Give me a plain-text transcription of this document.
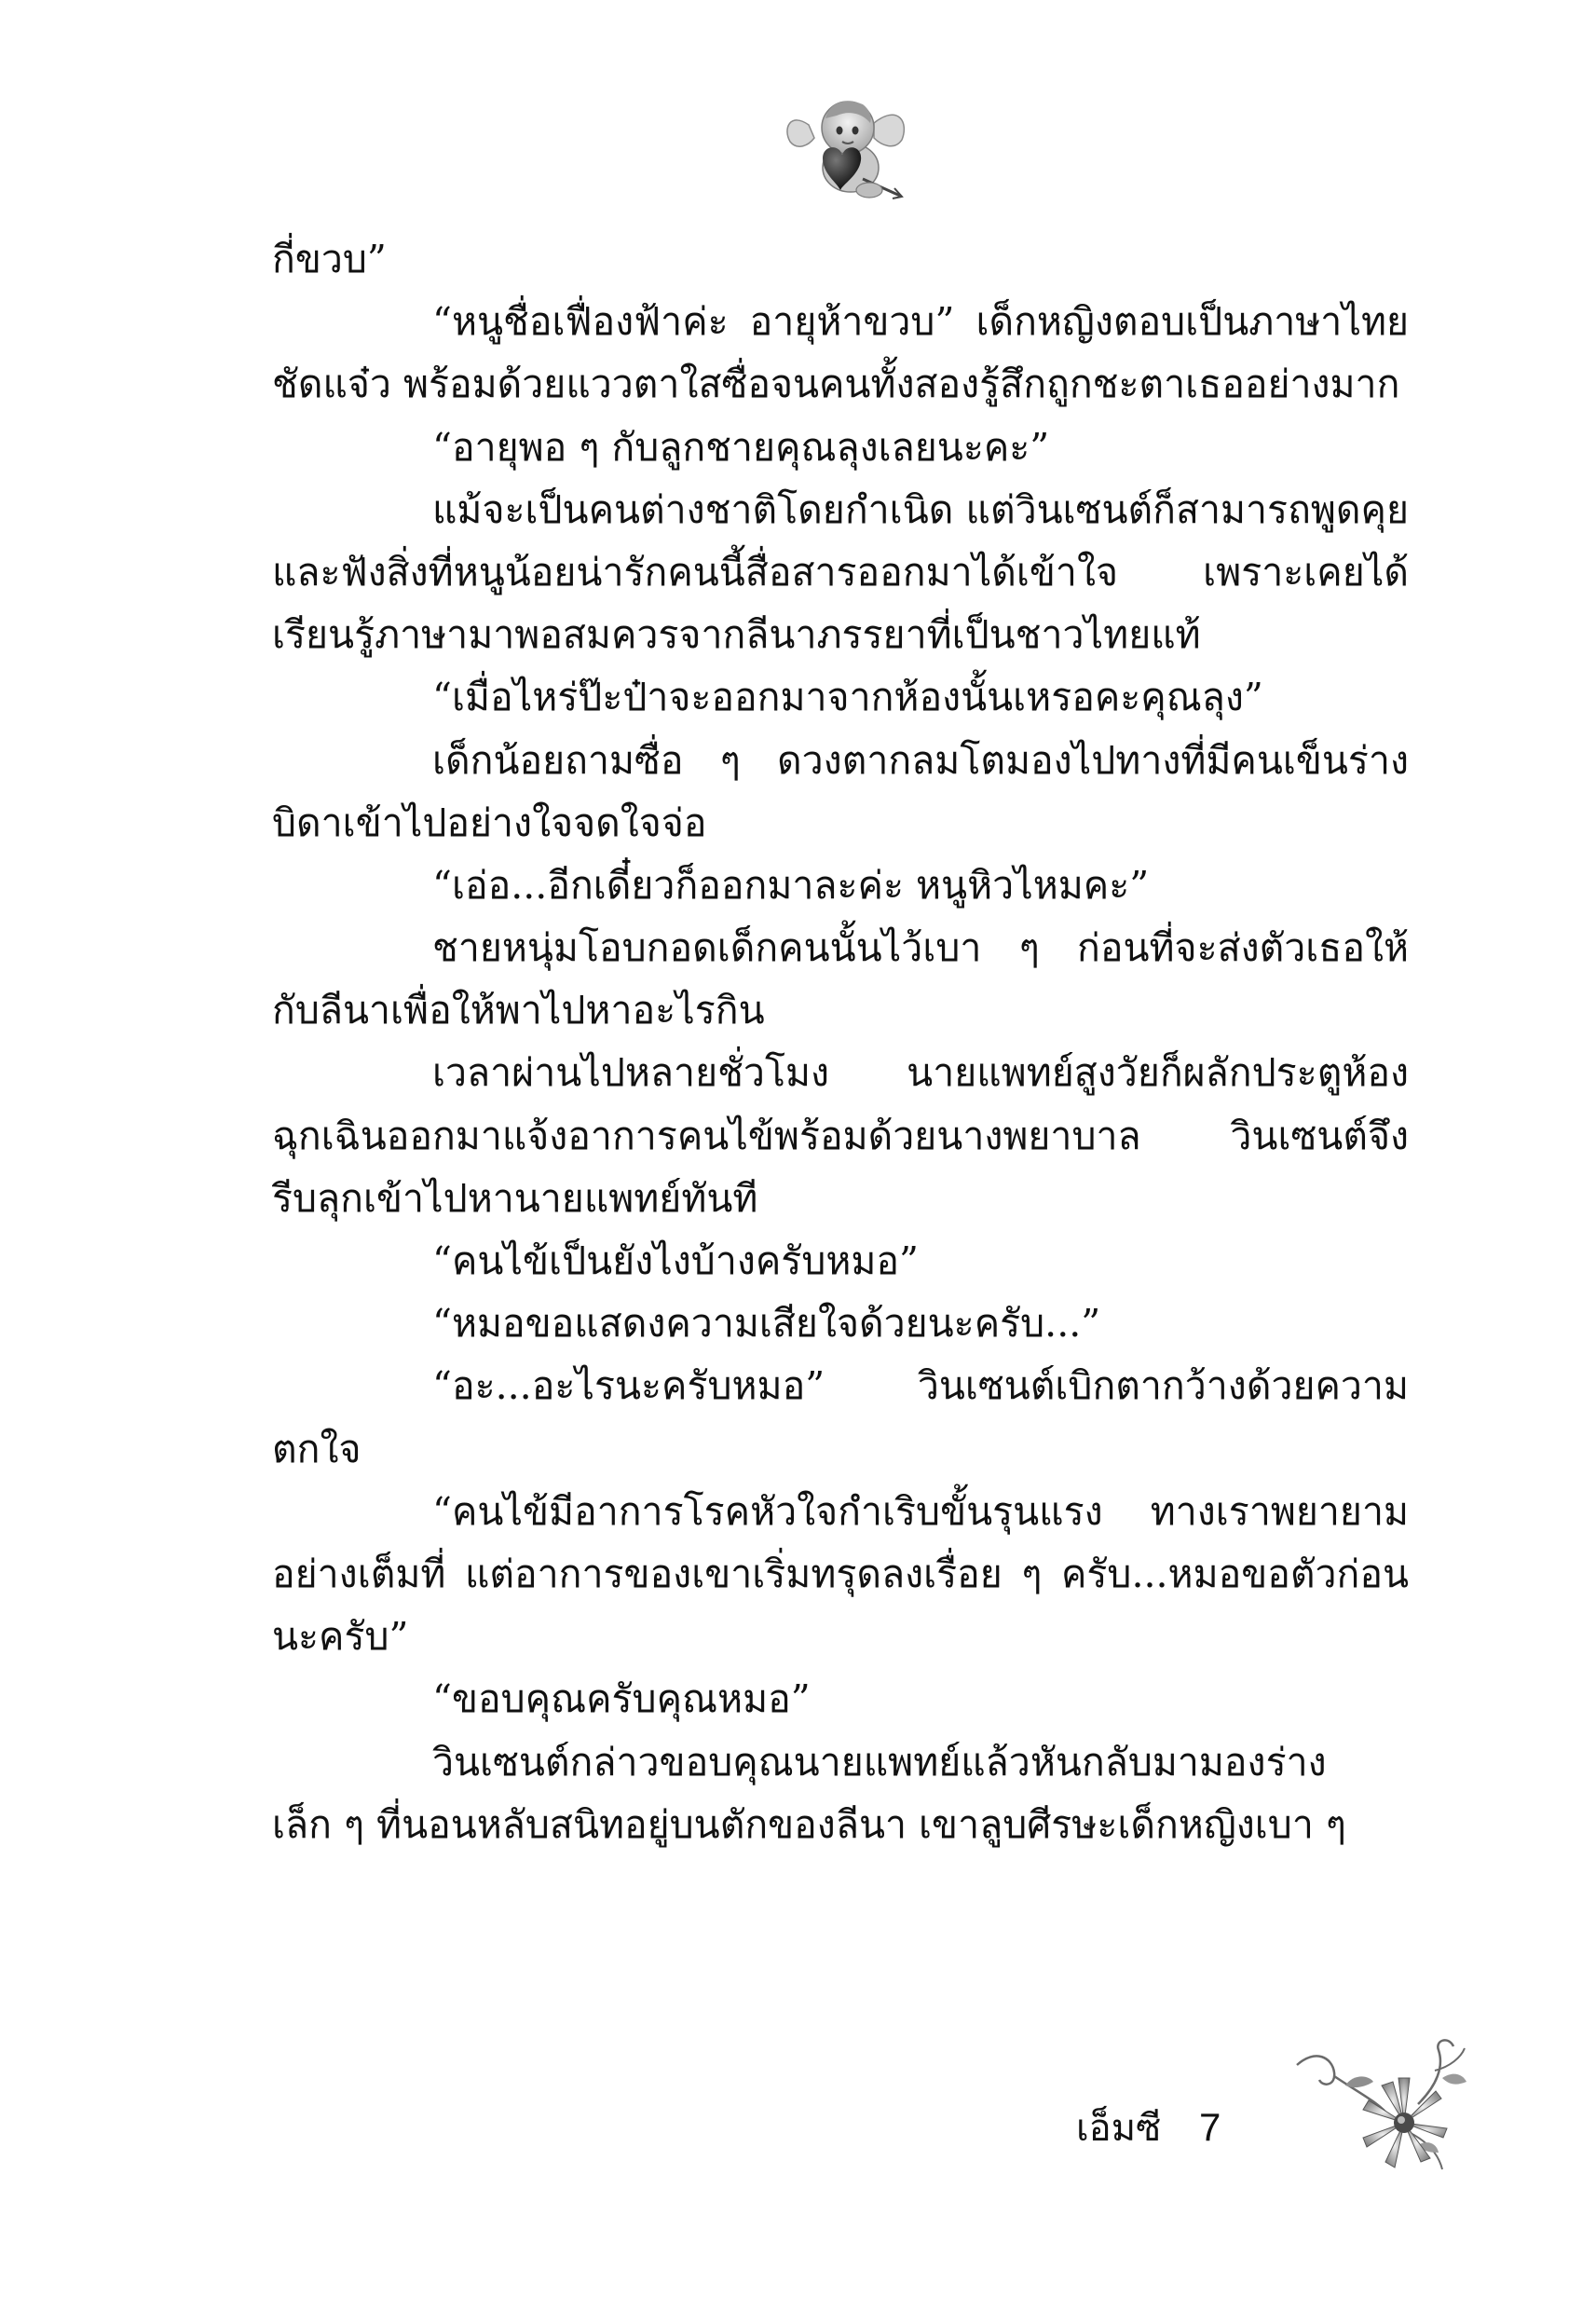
กี่ขวบ”
“หนูชื่อเฟื่องฟ้าค่ะ อายุห้าขวบ” เด็กหญิงตอบเป็นภาษาไทย
ชัดแจ๋ว พร้อมด้วยแววตาใสซื่อจนคนทั้งสองรู้สึกถูกชะตาเธออย่างมาก
“อายุพอ ๆ กับลูกชายคุณลุงเลยนะคะ”
แม้จะเป็นคนต่างชาติโดยกำเนิด แต่วินเซนต์ก็สามารถพูดคุย
และฟังสิ่งที่หนูน้อยน่ารักคนนี้สื่อสารออกมาได้เข้าใจ เพราะเคยได้
เรียนรู้ภาษามาพอสมควรจากลีนาภรรยาที่เป็นชาวไทยแท้
“เมื่อไหร่ป๊ะป๋าจะออกมาจากห้องนั้นเหรอคะคุณลุง”
เด็กน้อยถามซื่อ ๆ ดวงตากลมโตมองไปทางที่มีคนเข็นร่าง
บิดาเข้าไปอย่างใจจดใจจ่อ
“เอ่อ...อีกเดี๋ยวก็ออกมาละค่ะ หนูหิวไหมคะ”
ชายหนุ่มโอบกอดเด็กคนนั้นไว้เบา ๆ ก่อนที่จะส่งตัวเธอให้
กับลีนาเพื่อให้พาไปหาอะไรกิน
เวลาผ่านไปหลายชั่วโมง นายแพทย์สูงวัยก็ผลักประตูห้อง
ฉุกเฉินออกมาแจ้งอาการคนไข้พร้อมด้วยนางพยาบาล วินเซนต์จึง
รีบลุกเข้าไปหานายแพทย์ทันที
“คนไข้เป็นยังไงบ้างครับหมอ”
“หมอขอแสดงความเสียใจด้วยนะครับ...”
“อะ...อะไรนะครับหมอ” วินเซนต์เบิกตากว้างด้วยความ
ตกใจ
“คนไข้มีอาการโรคหัวใจกำเริบขั้นรุนแรง ทางเราพยายาม
อย่างเต็มที่ แต่อาการของเขาเริ่มทรุดลงเรื่อย ๆ ครับ...หมอขอตัวก่อน
นะครับ”
“ขอบคุณครับคุณหมอ”
วินเซนต์กล่าวขอบคุณนายแพทย์แล้วหันกลับมามองร่าง
เล็ก ๆ ที่นอนหลับสนิทอยู่บนตักของลีนา เขาลูบศีรษะเด็กหญิงเบา ๆ
เอ็มซี 7
